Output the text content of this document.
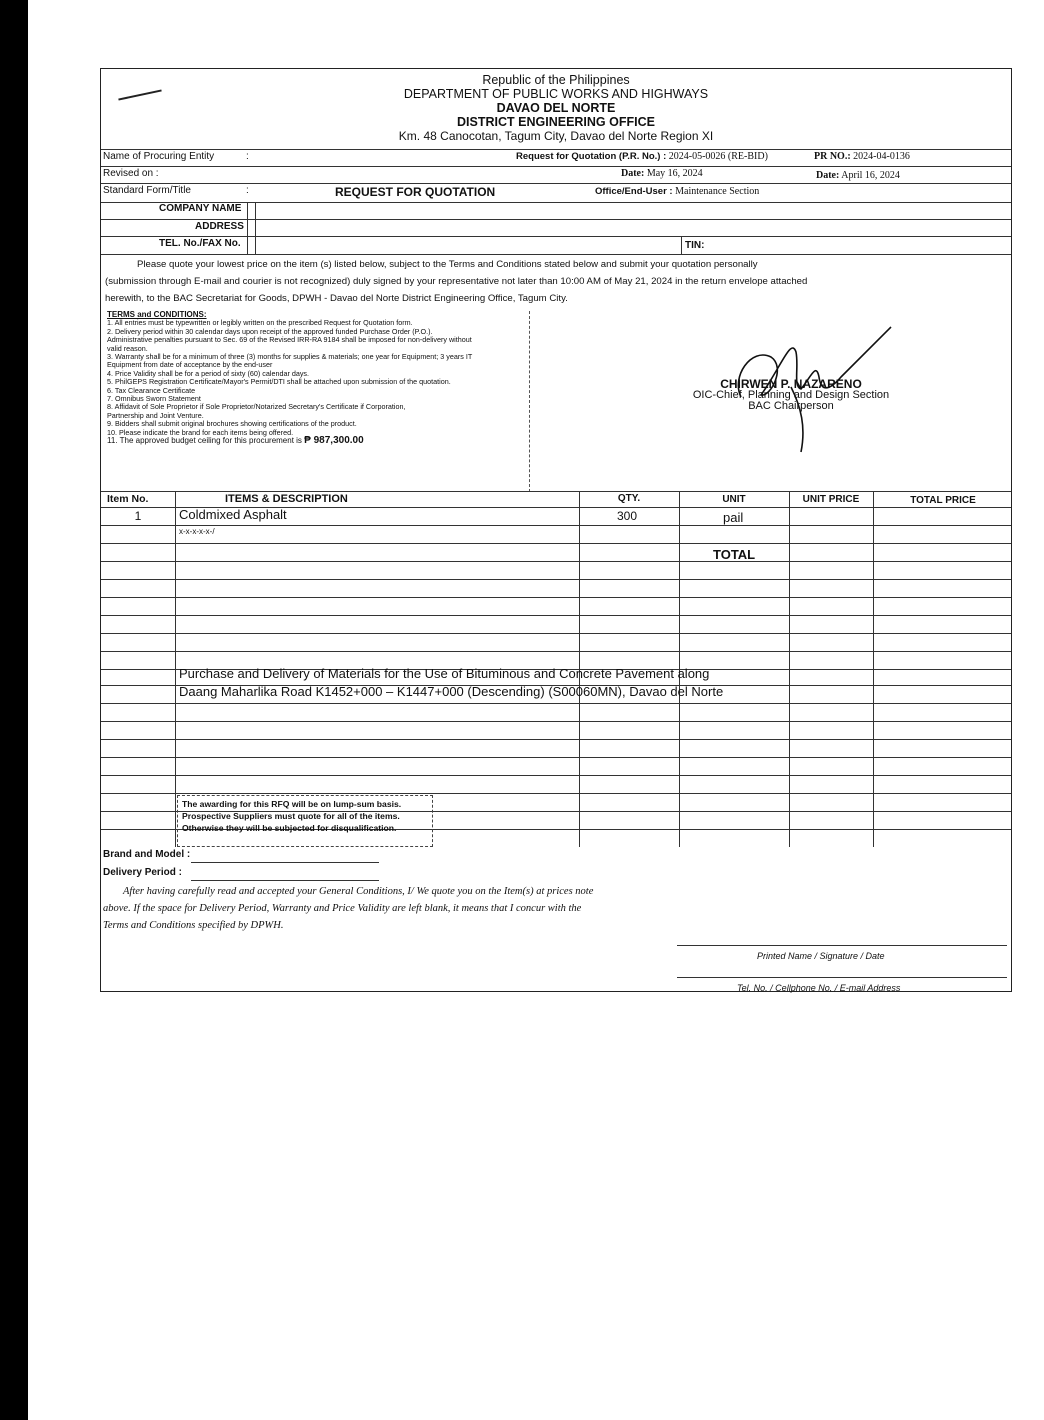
Republic of the Philippines
DEPARTMENT OF PUBLIC WORKS AND HIGHWAYS
DAVAO DEL NORTE
DISTRICT ENGINEERING OFFICE
Km. 48 Canocotan, Tagum City, Davao del Norte Region XI
Name of Procuring Entity	:	Request for Quotation (P.R. No.) : 2024-05-0026 (RE-BID)	PR NO.: 2024-04-0136
Revised on :	Date: May 16, 2024	Date: April 16, 2024
Standard Form/Title	:	REQUEST FOR QUOTATION	Office/End-User : Maintenance Section
COMPANY NAME
ADDRESS
TEL. No./FAX No.	TIN:
Please quote your lowest price on the item (s) listed below, subject to the Terms and Conditions stated below and submit your quotation personally
(submission through E-mail and courier is not recognized) duly signed by your representative not later than 10:00 AM of May 21, 2024 in the return envelope attached
herewith, to the BAC Secretariat for Goods, DPWH - Davao del Norte District Engineering Office, Tagum City.
TERMS and CONDITIONS:
1. All entries must be typewritten or legibly written on the prescribed Request for Quotation form.
2. Delivery period within 30 calendar days upon receipt of the approved funded Purchase Order (P.O.).
Administrative penalties pursuant to Sec. 69 of the Revised IRR-RA 9184 shall be imposed for non-delivery without
valid reason.
3. Warranty shall be for a minimum of three (3) months for supplies & materials; one year for Equipment; 3 years IT
Equipment from date of acceptance by the end-user
4. Price Validity shall be for a period of sixty (60) calendar days.
5. PhilGEPS Registration Certificate/Mayor's Permit/DTI shall be attached upon submission of the quotation.
6. Tax Clearance Certificate
7. Omnibus Sworn Statement
8. Affidavit of Sole Proprietor if Sole Proprietor/Notarized Secretary's Certificate if Corporation,
Partnership and Joint Venture.
9. Bidders shall submit original brochures showing certifications of the product.
10. Please indicate the brand for each items being offered.
11. The approved budget ceiling for this procurement is ₱ 987,300.00
CHIRWEN P. NAZARENO
OIC-Chief, Planning and Design Section
BAC Chairperson
Item No.	ITEMS & DESCRIPTION	QTY.	UNIT	UNIT PRICE	TOTAL PRICE
1	Coldmixed Asphalt	300	pail
x-x-x-x-x-/
TOTAL
Purchase and Delivery of Materials for the Use of Bituminous and Concrete Pavement along
Daang Maharlika Road K1452+000 – K1447+000 (Descending) (S00060MN), Davao del Norte
The awarding for this RFQ will be on lump-sum basis.
Prospective Suppliers must quote for all of the items.
Otherwise they will be subjected for disqualification.
Brand and Model :
Delivery Period :
After having carefully read and accepted your General Conditions, I/ We quote you on the Item(s) at prices note
above. If the space for Delivery Period, Warranty and Price Validity are left blank, it means that I concur with the
Terms and Conditions specified by DPWH.
Printed Name / Signature / Date
Tel. No. / Cellphone No. / E-mail Address
